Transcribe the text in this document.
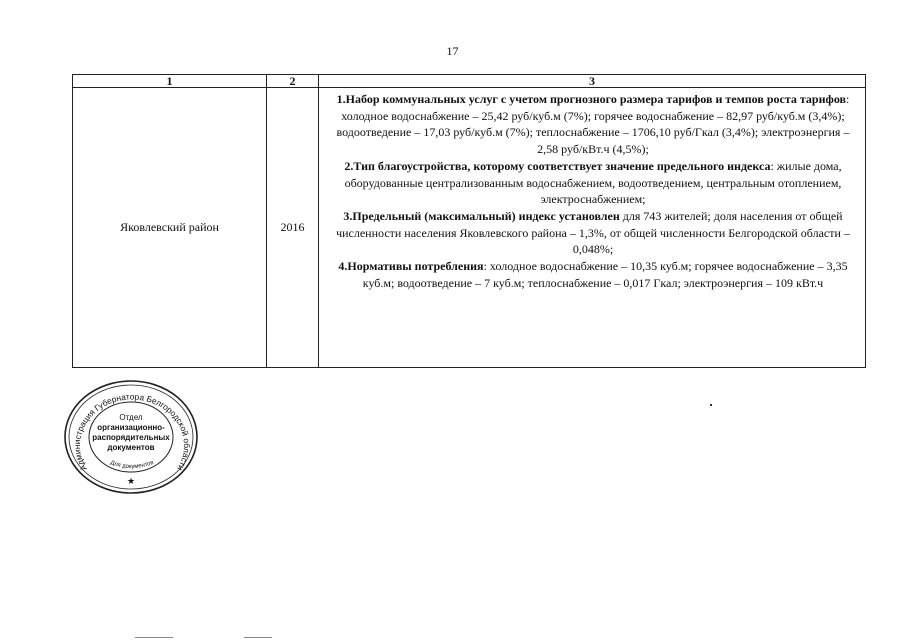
17
1	2	3
Яковлевский район	2016	1.Набор коммунальных услуг с учетом прогнозного размера тарифов и темпов роста тарифов: холодное водоснабжение – 25,42 руб/куб.м (7%); горячее водоснабжение – 82,97 руб/куб.м (3,4%); водоотведение – 17,03 руб/куб.м (7%); теплоснабжение – 1706,10 руб/Гкал (3,4%); электроэнергия – 2,58 руб/кВт.ч (4,5%);

2.Тип благоустройства, которому соответствует значение предельного индекса: жилые дома, оборудованные централизованным водоснабжением, водоотведением, центральным отоплением, электроснабжением;

3.Предельный (максимальный) индекс установлен для 743 жителей; доля населения от общей численности населения Яковлевского района – 1,3%, от общей численности Белгородской области – 0,048%;

4.Нормативы потребления: холодное водоснабжение – 10,35 куб.м; горячее водоснабжение – 3,35 куб.м; водоотведение – 7 куб.м; теплоснабжение – 0,017 Гкал; электроэнергия – 109 кВт.ч

Администрация Губернатора Белгородской области
Отдел
организационно-
распорядительных
документов
Для документов
★
